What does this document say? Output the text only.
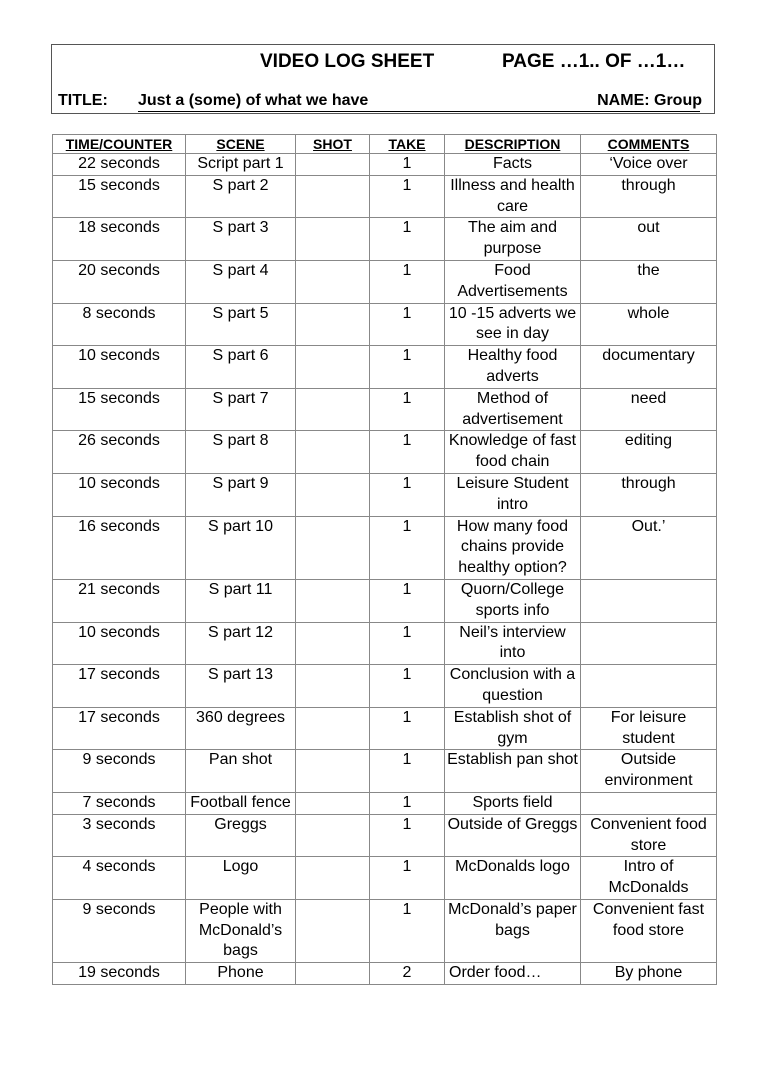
VIDEO LOG SHEET	PAGE …1.. OF …1…
TITLE: Just a (some) of what we have	NAME: Group
TIME/COUNTER	SCENE	SHOT	TAKE	DESCRIPTION	COMMENTS
22 seconds	Script part 1		1	Facts	‘Voice over
15 seconds	S part 2		1	Illness and health care	through
18 seconds	S part 3		1	The aim and purpose	out
20 seconds	S part 4		1	Food Advertisements	the
8 seconds	S part 5		1	10 -15 adverts we see in day	whole
10 seconds	S part 6		1	Healthy food adverts	documentary
15 seconds	S part 7		1	Method of advertisement	need
26 seconds	S part 8		1	Knowledge of fast food chain	editing
10 seconds	S part 9		1	Leisure Student intro	through
16 seconds	S part 10		1	How many food chains provide healthy option?	Out.’
21 seconds	S part 11		1	Quorn/College sports info	
10 seconds	S part 12		1	Neil’s interview into	
17 seconds	S part 13		1	Conclusion with a question	
17 seconds	360 degrees		1	Establish shot of gym	For leisure student
9 seconds	Pan shot		1	Establish pan shot	Outside environment
7 seconds	Football fence		1	Sports field	
3 seconds	Greggs		1	Outside of Greggs	Convenient food store
4 seconds	Logo		1	McDonalds logo	Intro of McDonalds
9 seconds	People with McDonald’s bags		1	McDonald’s paper bags	Convenient fast food store
19 seconds	Phone		2	Order food…	By phone
